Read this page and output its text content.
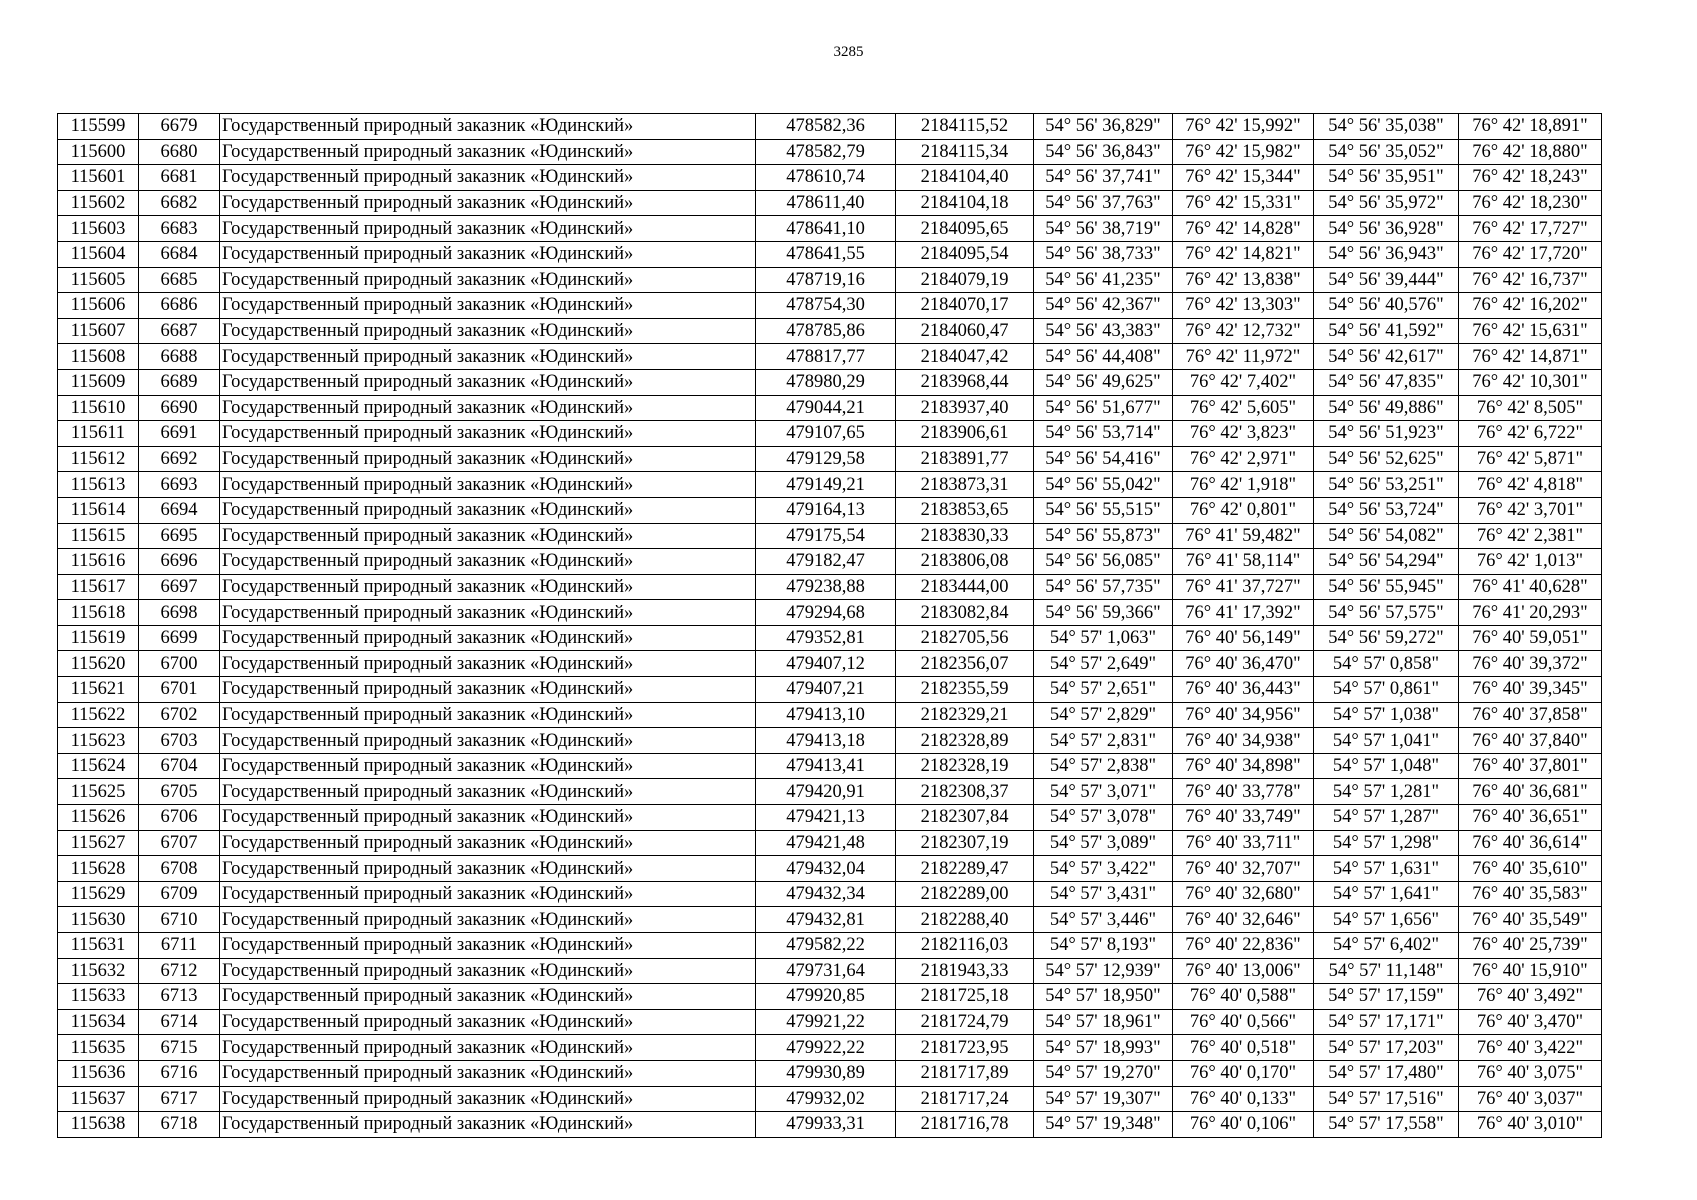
3285
115599	6679	Государственный природный заказник «Юдинский»	478582,36	2184115,52	54° 56' 36,829"	76° 42' 15,992"	54° 56' 35,038"	76° 42' 18,891"
115600	6680	Государственный природный заказник «Юдинский»	478582,79	2184115,34	54° 56' 36,843"	76° 42' 15,982"	54° 56' 35,052"	76° 42' 18,880"
115601	6681	Государственный природный заказник «Юдинский»	478610,74	2184104,40	54° 56' 37,741"	76° 42' 15,344"	54° 56' 35,951"	76° 42' 18,243"
115602	6682	Государственный природный заказник «Юдинский»	478611,40	2184104,18	54° 56' 37,763"	76° 42' 15,331"	54° 56' 35,972"	76° 42' 18,230"
115603	6683	Государственный природный заказник «Юдинский»	478641,10	2184095,65	54° 56' 38,719"	76° 42' 14,828"	54° 56' 36,928"	76° 42' 17,727"
115604	6684	Государственный природный заказник «Юдинский»	478641,55	2184095,54	54° 56' 38,733"	76° 42' 14,821"	54° 56' 36,943"	76° 42' 17,720"
115605	6685	Государственный природный заказник «Юдинский»	478719,16	2184079,19	54° 56' 41,235"	76° 42' 13,838"	54° 56' 39,444"	76° 42' 16,737"
115606	6686	Государственный природный заказник «Юдинский»	478754,30	2184070,17	54° 56' 42,367"	76° 42' 13,303"	54° 56' 40,576"	76° 42' 16,202"
115607	6687	Государственный природный заказник «Юдинский»	478785,86	2184060,47	54° 56' 43,383"	76° 42' 12,732"	54° 56' 41,592"	76° 42' 15,631"
115608	6688	Государственный природный заказник «Юдинский»	478817,77	2184047,42	54° 56' 44,408"	76° 42' 11,972"	54° 56' 42,617"	76° 42' 14,871"
115609	6689	Государственный природный заказник «Юдинский»	478980,29	2183968,44	54° 56' 49,625"	76° 42' 7,402"	54° 56' 47,835"	76° 42' 10,301"
115610	6690	Государственный природный заказник «Юдинский»	479044,21	2183937,40	54° 56' 51,677"	76° 42' 5,605"	54° 56' 49,886"	76° 42' 8,505"
115611	6691	Государственный природный заказник «Юдинский»	479107,65	2183906,61	54° 56' 53,714"	76° 42' 3,823"	54° 56' 51,923"	76° 42' 6,722"
115612	6692	Государственный природный заказник «Юдинский»	479129,58	2183891,77	54° 56' 54,416"	76° 42' 2,971"	54° 56' 52,625"	76° 42' 5,871"
115613	6693	Государственный природный заказник «Юдинский»	479149,21	2183873,31	54° 56' 55,042"	76° 42' 1,918"	54° 56' 53,251"	76° 42' 4,818"
115614	6694	Государственный природный заказник «Юдинский»	479164,13	2183853,65	54° 56' 55,515"	76° 42' 0,801"	54° 56' 53,724"	76° 42' 3,701"
115615	6695	Государственный природный заказник «Юдинский»	479175,54	2183830,33	54° 56' 55,873"	76° 41' 59,482"	54° 56' 54,082"	76° 42' 2,381"
115616	6696	Государственный природный заказник «Юдинский»	479182,47	2183806,08	54° 56' 56,085"	76° 41' 58,114"	54° 56' 54,294"	76° 42' 1,013"
115617	6697	Государственный природный заказник «Юдинский»	479238,88	2183444,00	54° 56' 57,735"	76° 41' 37,727"	54° 56' 55,945"	76° 41' 40,628"
115618	6698	Государственный природный заказник «Юдинский»	479294,68	2183082,84	54° 56' 59,366"	76° 41' 17,392"	54° 56' 57,575"	76° 41' 20,293"
115619	6699	Государственный природный заказник «Юдинский»	479352,81	2182705,56	54° 57' 1,063"	76° 40' 56,149"	54° 56' 59,272"	76° 40' 59,051"
115620	6700	Государственный природный заказник «Юдинский»	479407,12	2182356,07	54° 57' 2,649"	76° 40' 36,470"	54° 57' 0,858"	76° 40' 39,372"
115621	6701	Государственный природный заказник «Юдинский»	479407,21	2182355,59	54° 57' 2,651"	76° 40' 36,443"	54° 57' 0,861"	76° 40' 39,345"
115622	6702	Государственный природный заказник «Юдинский»	479413,10	2182329,21	54° 57' 2,829"	76° 40' 34,956"	54° 57' 1,038"	76° 40' 37,858"
115623	6703	Государственный природный заказник «Юдинский»	479413,18	2182328,89	54° 57' 2,831"	76° 40' 34,938"	54° 57' 1,041"	76° 40' 37,840"
115624	6704	Государственный природный заказник «Юдинский»	479413,41	2182328,19	54° 57' 2,838"	76° 40' 34,898"	54° 57' 1,048"	76° 40' 37,801"
115625	6705	Государственный природный заказник «Юдинский»	479420,91	2182308,37	54° 57' 3,071"	76° 40' 33,778"	54° 57' 1,281"	76° 40' 36,681"
115626	6706	Государственный природный заказник «Юдинский»	479421,13	2182307,84	54° 57' 3,078"	76° 40' 33,749"	54° 57' 1,287"	76° 40' 36,651"
115627	6707	Государственный природный заказник «Юдинский»	479421,48	2182307,19	54° 57' 3,089"	76° 40' 33,711"	54° 57' 1,298"	76° 40' 36,614"
115628	6708	Государственный природный заказник «Юдинский»	479432,04	2182289,47	54° 57' 3,422"	76° 40' 32,707"	54° 57' 1,631"	76° 40' 35,610"
115629	6709	Государственный природный заказник «Юдинский»	479432,34	2182289,00	54° 57' 3,431"	76° 40' 32,680"	54° 57' 1,641"	76° 40' 35,583"
115630	6710	Государственный природный заказник «Юдинский»	479432,81	2182288,40	54° 57' 3,446"	76° 40' 32,646"	54° 57' 1,656"	76° 40' 35,549"
115631	6711	Государственный природный заказник «Юдинский»	479582,22	2182116,03	54° 57' 8,193"	76° 40' 22,836"	54° 57' 6,402"	76° 40' 25,739"
115632	6712	Государственный природный заказник «Юдинский»	479731,64	2181943,33	54° 57' 12,939"	76° 40' 13,006"	54° 57' 11,148"	76° 40' 15,910"
115633	6713	Государственный природный заказник «Юдинский»	479920,85	2181725,18	54° 57' 18,950"	76° 40' 0,588"	54° 57' 17,159"	76° 40' 3,492"
115634	6714	Государственный природный заказник «Юдинский»	479921,22	2181724,79	54° 57' 18,961"	76° 40' 0,566"	54° 57' 17,171"	76° 40' 3,470"
115635	6715	Государственный природный заказник «Юдинский»	479922,22	2181723,95	54° 57' 18,993"	76° 40' 0,518"	54° 57' 17,203"	76° 40' 3,422"
115636	6716	Государственный природный заказник «Юдинский»	479930,89	2181717,89	54° 57' 19,270"	76° 40' 0,170"	54° 57' 17,480"	76° 40' 3,075"
115637	6717	Государственный природный заказник «Юдинский»	479932,02	2181717,24	54° 57' 19,307"	76° 40' 0,133"	54° 57' 17,516"	76° 40' 3,037"
115638	6718	Государственный природный заказник «Юдинский»	479933,31	2181716,78	54° 57' 19,348"	76° 40' 0,106"	54° 57' 17,558"	76° 40' 3,010"
